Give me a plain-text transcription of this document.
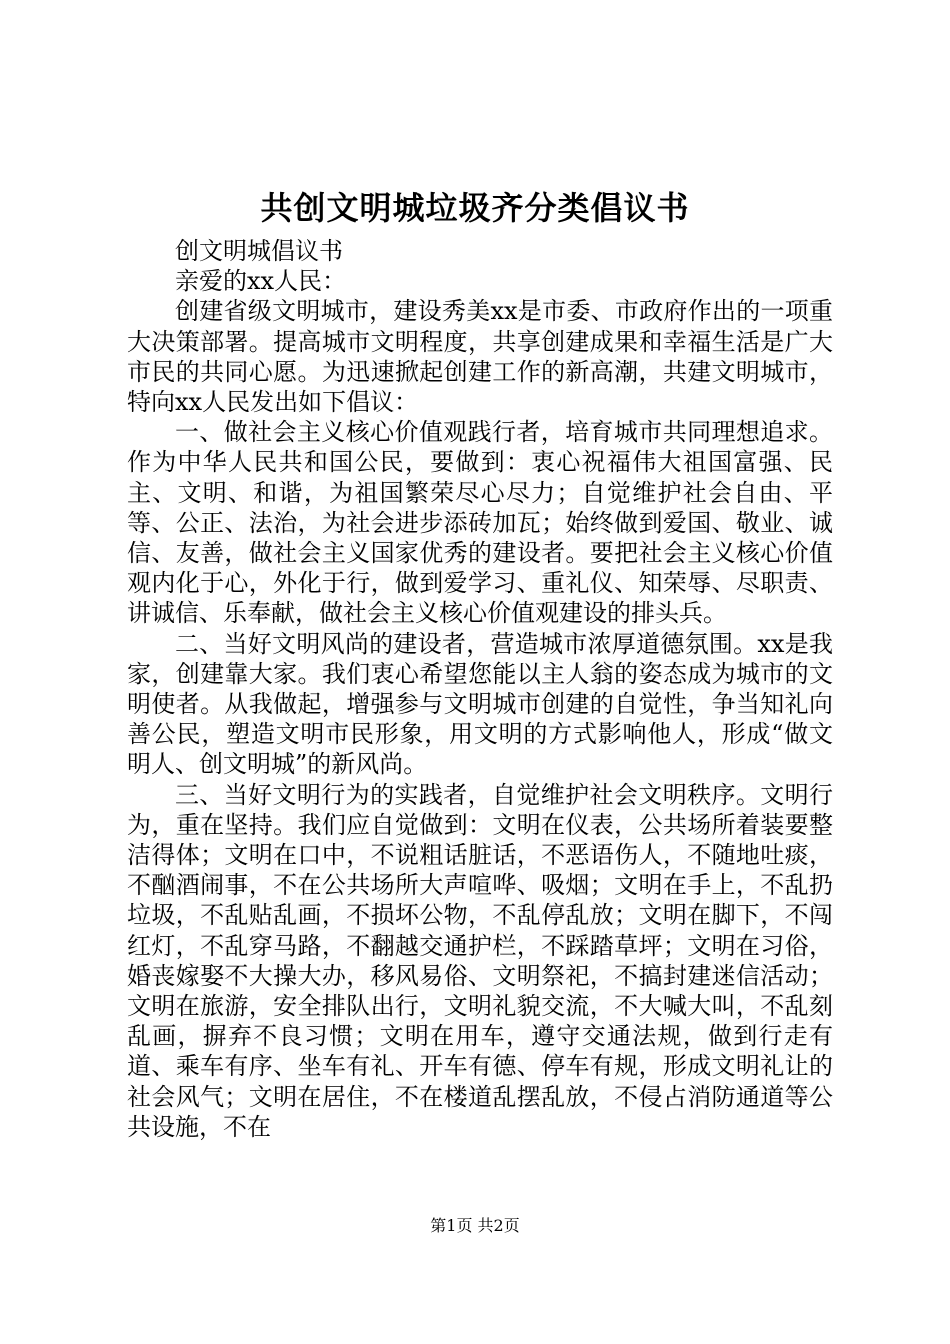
共创文明城垃圾齐分类倡议书

创文明城倡议书

亲爱的xx人民：

创建省级文明城市，建设秀美xx是市委、市政府作出的一项重大决策部署。提高城市文明程度，共享创建成果和幸福生活是广大市民的共同心愿。为迅速掀起创建工作的新高潮，共建文明城市，特向xx人民发出如下倡议：

一、做社会主义核心价值观践行者，培育城市共同理想追求。作为中华人民共和国公民，要做到：衷心祝福伟大祖国富强、民主、文明、和谐，为祖国繁荣尽心尽力；自觉维护社会自由、平等、公正、法治，为社会进步添砖加瓦；始终做到爱国、敬业、诚信、友善，做社会主义国家优秀的建设者。要把社会主义核心价值观内化于心，外化于行，做到爱学习、重礼仪、知荣辱、尽职责、讲诚信、乐奉献，做社会主义核心价值观建设的排头兵。

二、当好文明风尚的建设者，营造城市浓厚道德氛围。xx是我家，创建靠大家。我们衷心希望您能以主人翁的姿态成为城市的文明使者。从我做起，增强参与文明城市创建的自觉性，争当知礼向善公民，塑造文明市民形象，用文明的方式影响他人，形成“做文明人、创文明城”的新风尚。

三、当好文明行为的实践者，自觉维护社会文明秩序。文明行为，重在坚持。我们应自觉做到：文明在仪表，公共场所着装要整洁得体；文明在口中，不说粗话脏话，不恶语伤人，不随地吐痰，不酗酒闹事，不在公共场所大声喧哗、吸烟；文明在手上，不乱扔垃圾，不乱贴乱画，不损坏公物，不乱停乱放；文明在脚下，不闯红灯，不乱穿马路，不翻越交通护栏，不踩踏草坪；文明在习俗，婚丧嫁娶不大操大办，移风易俗、文明祭祀，不搞封建迷信活动；文明在旅游，安全排队出行，文明礼貌交流，不大喊大叫，不乱刻乱画，摒弃不良习惯；文明在用车，遵守交通法规，做到行走有道、乘车有序、坐车有礼、开车有德、停车有规，形成文明礼让的社会风气；文明在居住，不在楼道乱摆乱放，不侵占消防通道等公共设施，不在

第1页 共2页
